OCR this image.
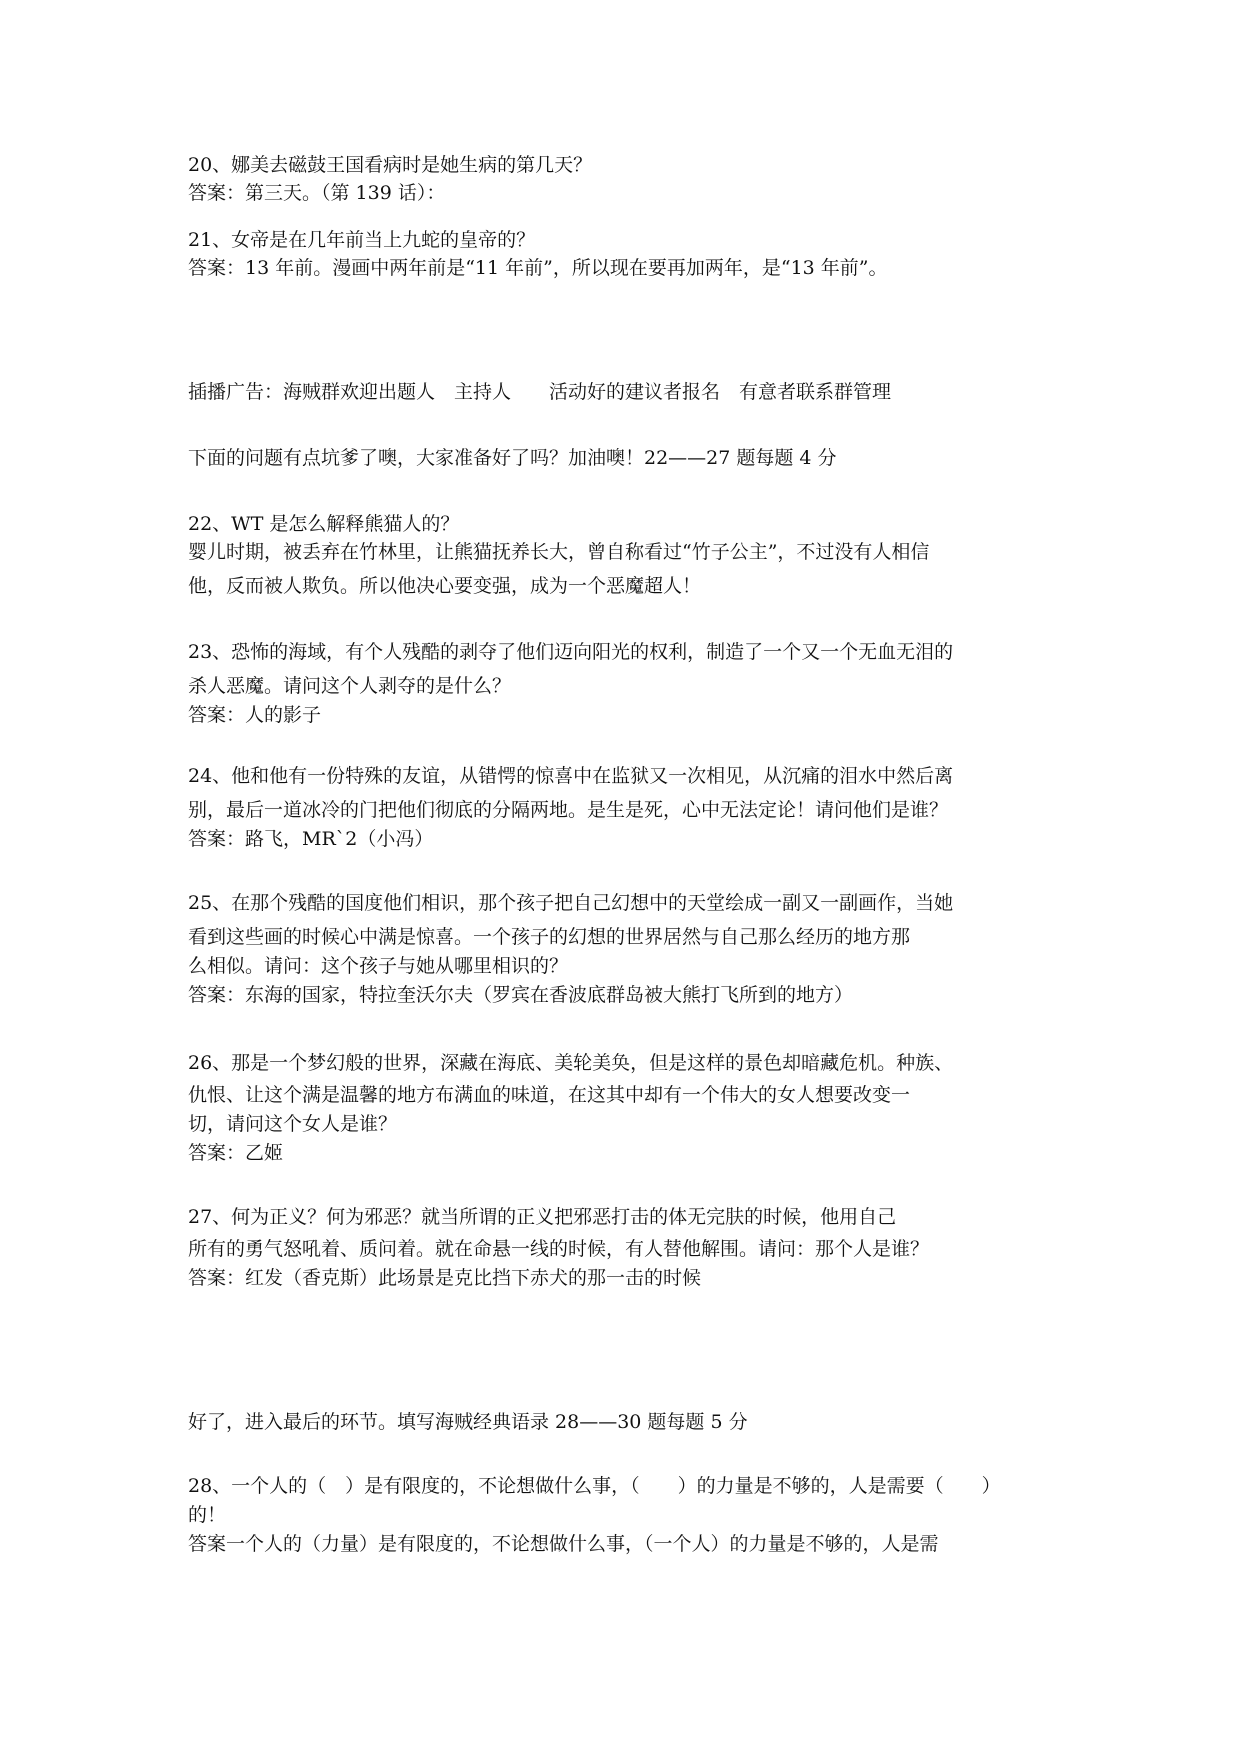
20、娜美去磁鼓王国看病时是她生病的第几天？
答案：第三天。（第 139 话）：
21、女帝是在几年前当上九蛇的皇帝的？
答案：13 年前。漫画中两年前是“11 年前”，所以现在要再加两年，是“13 年前”。
插播广告：海贼群欢迎出题人　主持人　　活动好的建议者报名　有意者联系群管理
下面的问题有点坑爹了噢，大家准备好了吗？加油噢！22——27 题每题 4 分
22、WT 是怎么解释熊猫人的？
婴儿时期，被丢弃在竹林里，让熊猫抚养长大，曾自称看过“竹子公主”，不过没有人相信
他，反而被人欺负。所以他决心要变强，成为一个恶魔超人！
23、恐怖的海域，有个人残酷的剥夺了他们迈向阳光的权利，制造了一个又一个无血无泪的
杀人恶魔。请问这个人剥夺的是什么？
答案：人的影子
24、他和他有一份特殊的友谊，从错愕的惊喜中在监狱又一次相见，从沉痛的泪水中然后离
别，最后一道冰冷的门把他们彻底的分隔两地。是生是死，心中无法定论！请问他们是谁？
答案：路飞，MR`2（小冯）
25、在那个残酷的国度他们相识，那个孩子把自己幻想中的天堂绘成一副又一副画作，当她
看到这些画的时候心中满是惊喜。一个孩子的幻想的世界居然与自己那么经历的地方那
么相似。请问：这个孩子与她从哪里相识的？
答案：东海的国家，特拉奎沃尔夫（罗宾在香波底群岛被大熊打飞所到的地方）
26、那是一个梦幻般的世界，深藏在海底、美轮美奂，但是这样的景色却暗藏危机。种族、
仇恨、让这个满是温馨的地方布满血的味道，在这其中却有一个伟大的女人想要改变一
切，请问这个女人是谁？
答案：乙姬
27、何为正义？何为邪恶？就当所谓的正义把邪恶打击的体无完肤的时候，他用自己
所有的勇气怒吼着、质问着。就在命悬一线的时候，有人替他解围。请问：那个人是谁？
答案：红发（香克斯）此场景是克比挡下赤犬的那一击的时候
好了，进入最后的环节。填写海贼经典语录 28——30 题每题 5 分
28、一个人的（　）是有限度的，不论想做什么事，（　　）的力量是不够的，人是需要（　　）
的！
答案一个人的（力量）是有限度的，不论想做什么事，（一个人）的力量是不够的，人是需
